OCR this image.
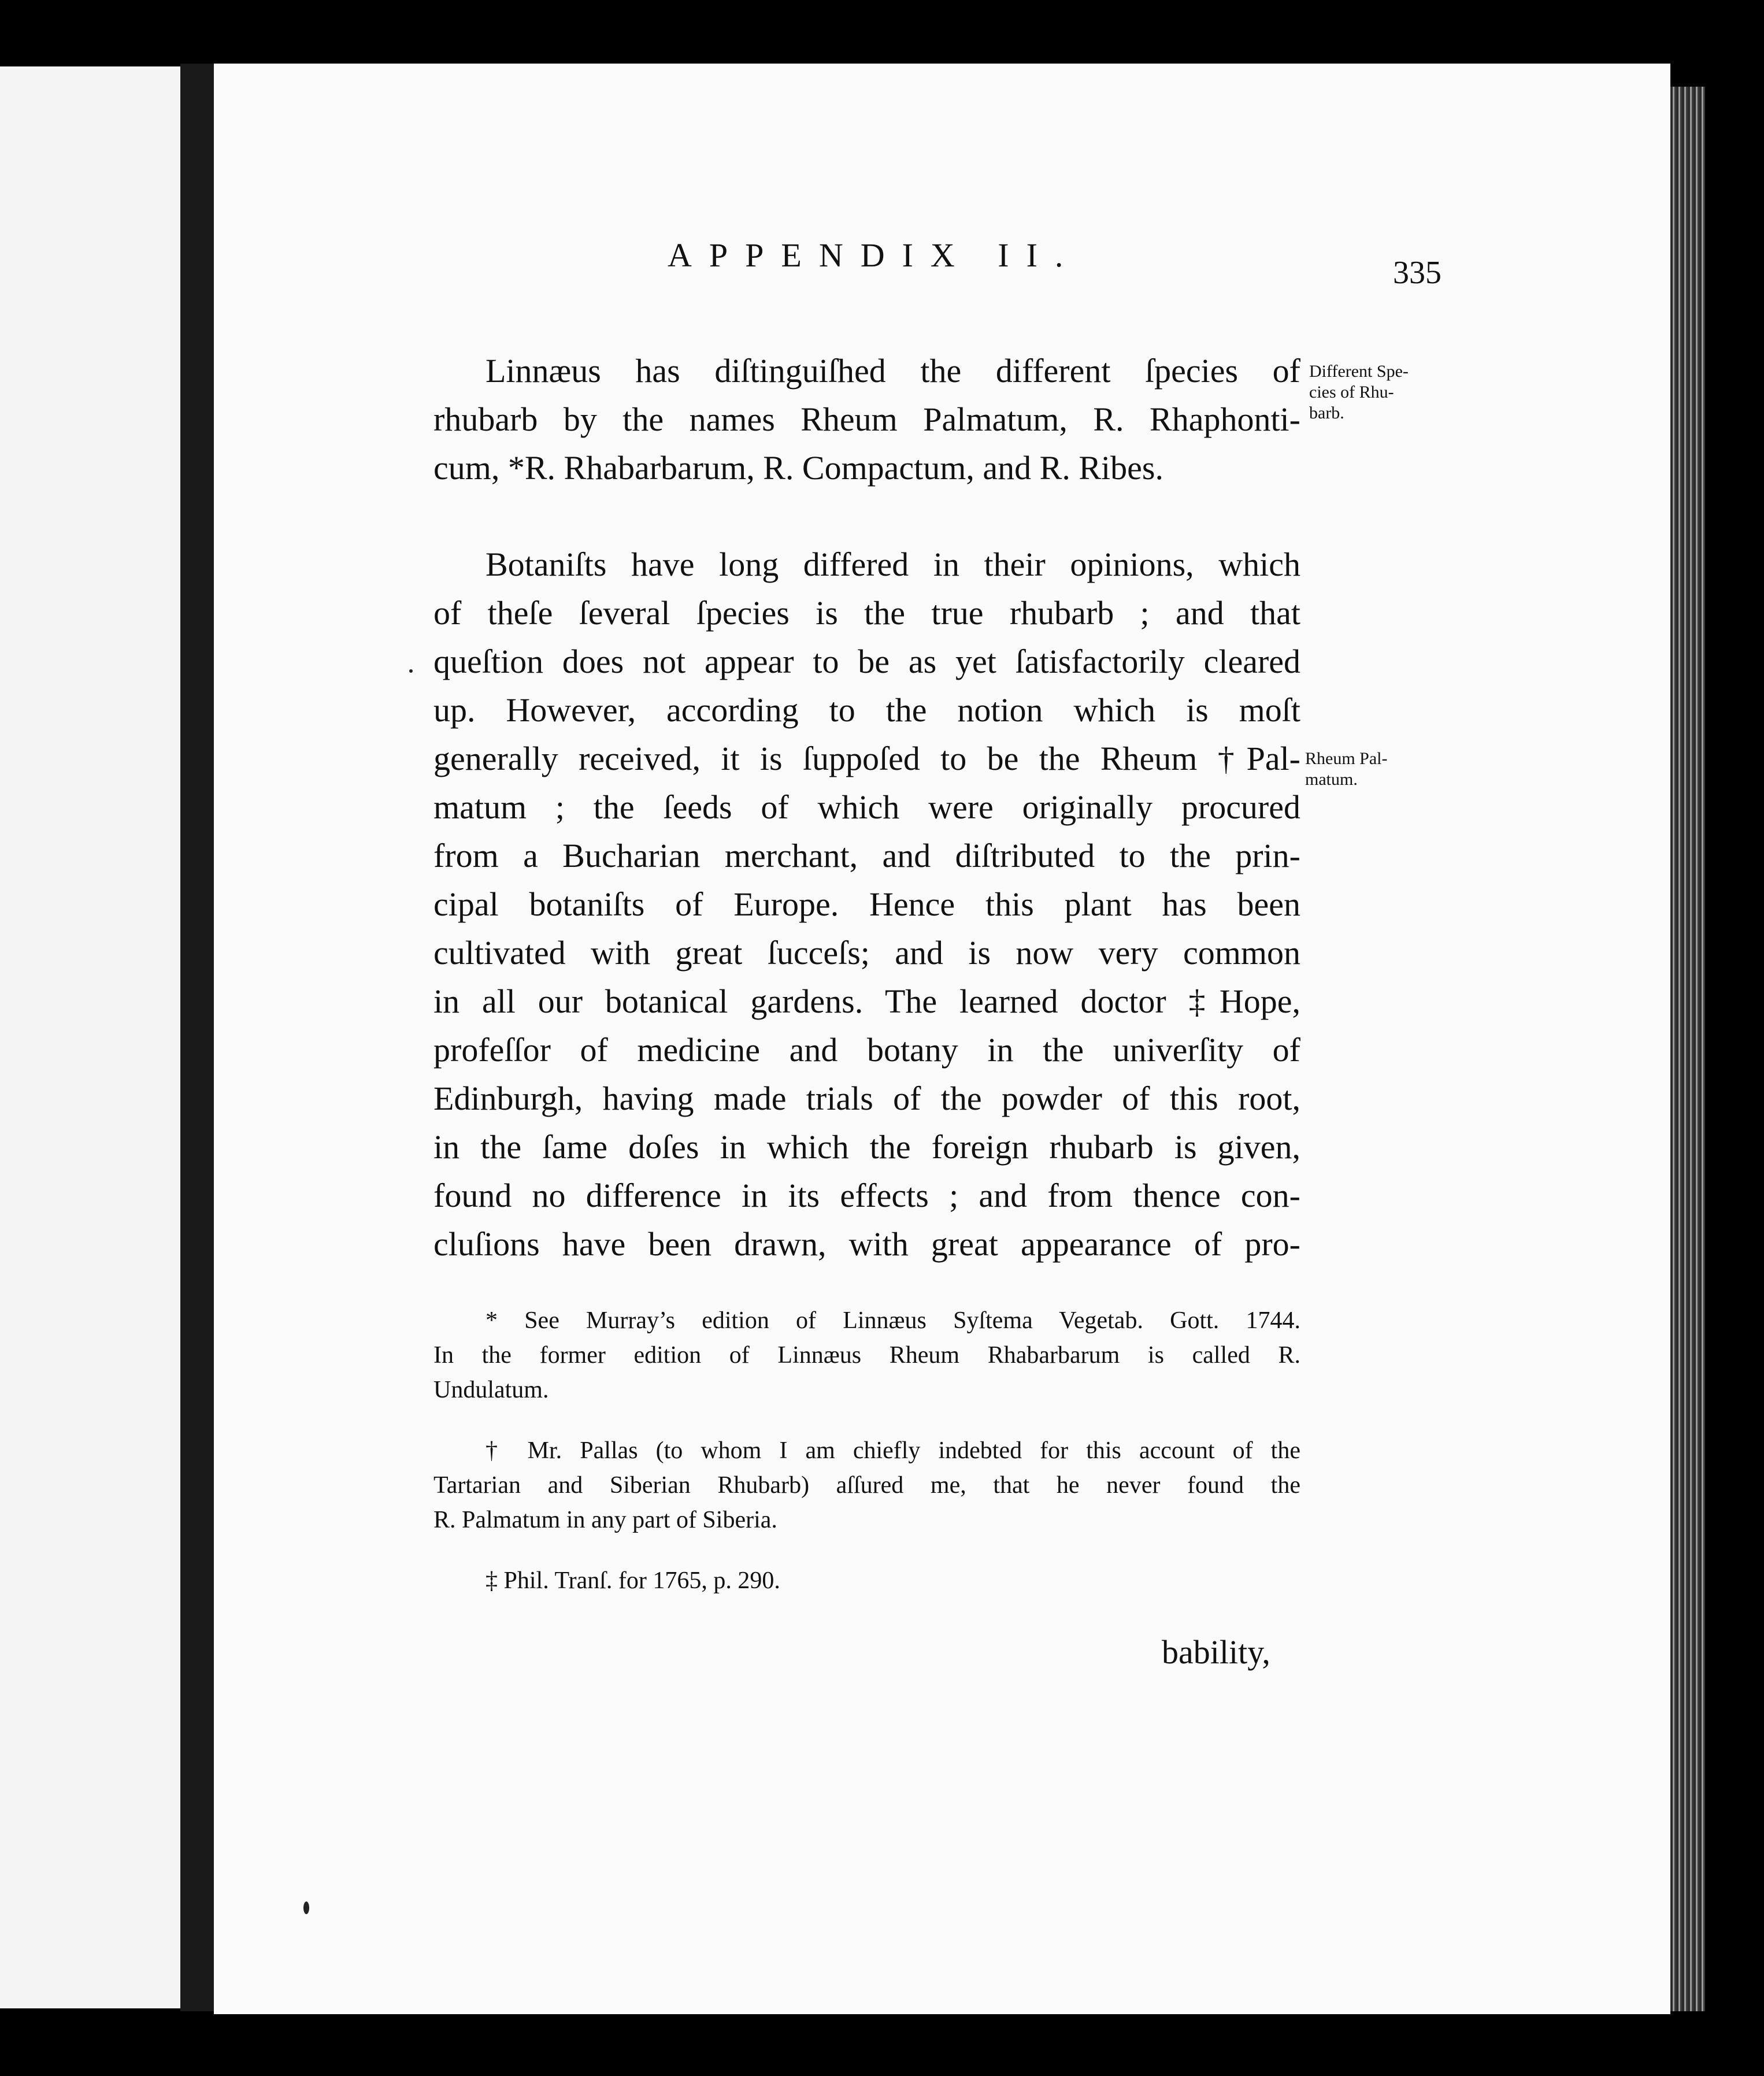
APPENDIX II.	335
Different Spe-
cies of Rhu-
barb.
Rheum Pal-
matum.
Linnæus has diſtinguiſhed the different ſpecies of
rhubarb by the names Rheum Palmatum, R. Rhaphonti-
cum, *R. Rhabarbarum, R. Compactum, and R. Ribes.
Botaniſts have long differed in their opinions, which
of theſe ſeveral ſpecies is the true rhubarb ; and that
queſtion does not appear to be as yet ſatisfactorily cleared
up. However, according to the notion which is moſt
generally received, it is ſuppoſed to be the Rheum †Pal-
matum ; the ſeeds of which were originally procured
from a Bucharian merchant, and diſtributed to the prin-
cipal botaniſts of Europe. Hence this plant has been
cultivated with great ſucceſs; and is now very common
in all our botanical gardens. The learned doctor ‡Hope,
profeſſor of medicine and botany in the univerſity of
Edinburgh, having made trials of the powder of this root,
in the ſame doſes in which the foreign rhubarb is given,
found no difference in its effects ; and from thence con-
cluſions have been drawn, with great appearance of pro-
* See Murray’s edition of Linnæus Syſtema Vegetab. Gott. 1744.
In the former edition of Linnæus Rheum Rhabarbarum is called R.
Undulatum.
† Mr. Pallas (to whom I am chiefly indebted for this account of the
Tartarian and Siberian Rhubarb) aſſured me, that he never found the
R. Palmatum in any part of Siberia.
‡ Phil. Tranſ. for 1765, p. 290.
bability,
